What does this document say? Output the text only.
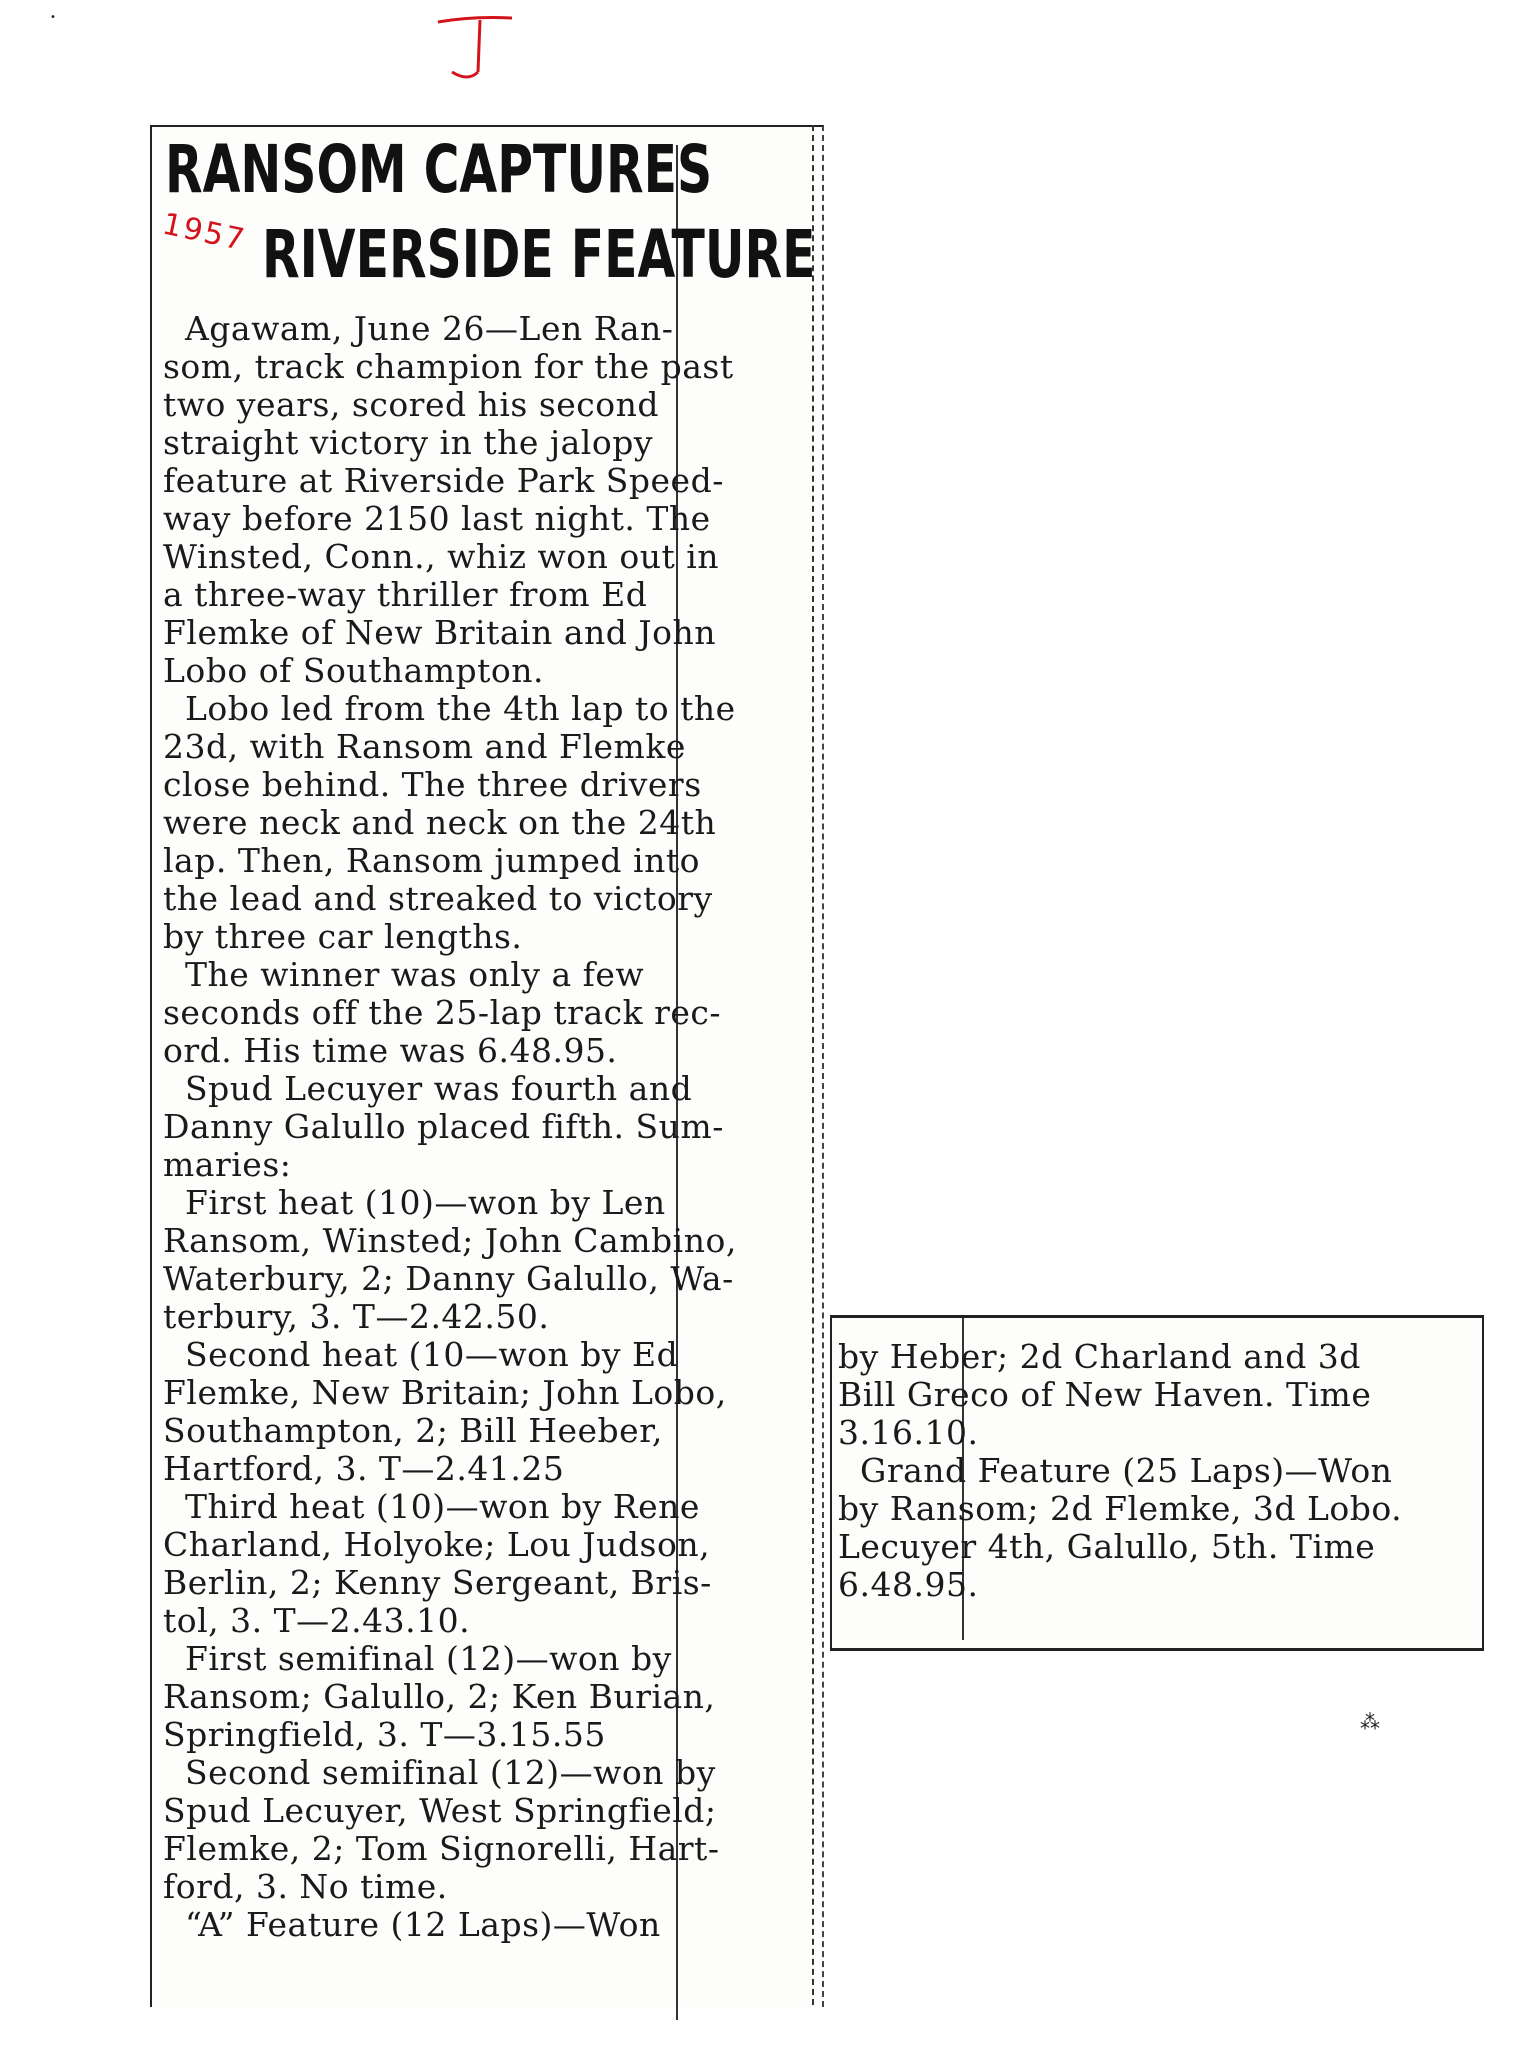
RANSOM CAPTURES
1957 RIVERSIDE FEATURE
Agawam, June 26—Len Ran-
som, track champion for the past
two years, scored his second
straight victory in the jalopy
feature at Riverside Park Speed-
way before 2150 last night. The
Winsted, Conn., whiz won out in
a three-way thriller from Ed
Flemke of New Britain and John
Lobo of Southampton.
Lobo led from the 4th lap to the
23d, with Ransom and Flemke
close behind. The three drivers
were neck and neck on the 24th
lap. Then, Ransom jumped into
the lead and streaked to victory
by three car lengths.
The winner was only a few
seconds off the 25-lap track rec-
ord. His time was 6.48.95.
Spud Lecuyer was fourth and
Danny Galullo placed fifth. Sum-
maries:
First heat (10)—won by Len
Ransom, Winsted; John Cambino,
Waterbury, 2; Danny Galullo, Wa-
terbury, 3. T—2.42.50.
Second heat (10—won by Ed
Flemke, New Britain; John Lobo,
Southampton, 2; Bill Heeber,
Hartford, 3. T—2.41.25
Third heat (10)—won by Rene
Charland, Holyoke; Lou Judson,
Berlin, 2; Kenny Sergeant, Bris-
tol, 3. T—2.43.10.
First semifinal (12)—won by
Ransom; Galullo, 2; Ken Burian,
Springfield, 3. T—3.15.55
Second semifinal (12)—won by
Spud Lecuyer, West Springfield;
Flemke, 2; Tom Signorelli, Hart-
ford, 3. No time.
“A” Feature (12 Laps)—Won
by Heber; 2d Charland and 3d
Bill Greco of New Haven. Time
3.16.10.
Grand Feature (25 Laps)—Won
by Ransom; 2d Flemke, 3d Lobo.
Lecuyer 4th, Galullo, 5th. Time
6.48.95.
⁂
•
